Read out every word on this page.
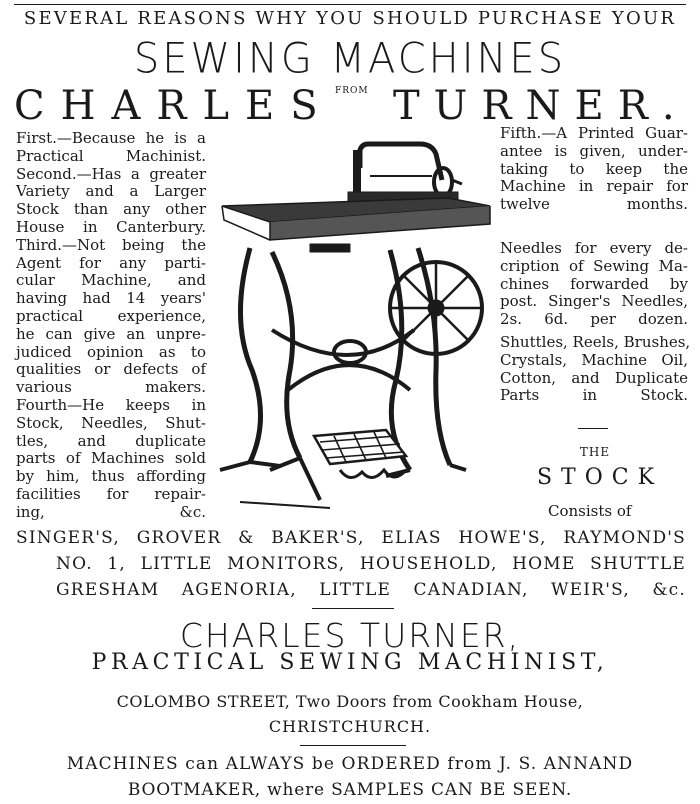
SEVERAL REASONS WHY YOU SHOULD PURCHASE YOUR
SEWING MACHINES
CHARLES FROM TURNER.
First.—Because he is a
Practical Machinist.
Second.—Has a greater
Variety and a Larger
Stock than any other
House in Canterbury.
Third.—Not being the
Agent for any parti-
cular Machine, and
having had 14 years'
practical experience,
he can give an unpre-
judiced opinion as to
qualities or defects of
various makers.
Fourth—He keeps in
Stock, Needles, Shut-
tles, and duplicate
parts of Machines sold
by him, thus affording
facilities for repair-
ing, &c.
Fifth.—A Printed Guar-
antee is given, under-
taking to keep the
Machine in repair for
twelve months.
Needles for every de-
cription of Sewing Ma-
chines forwarded by
post. Singer's Needles,
2s. 6d. per dozen.
Shuttles, Reels, Brushes,
Crystals, Machine Oil,
Cotton, and Duplicate
Parts in Stock.
THE
STOCK
Consists of
SINGER'S, GROVER & BAKER'S, ELIAS HOWE'S, RAYMOND'S
NO. 1, LITTLE MONITORS, HOUSEHOLD, HOME SHUTTLE
GRESHAM AGENORIA, LITTLE CANADIAN, WEIR'S, &c.
CHARLES TURNER,
PRACTICAL SEWING MACHINIST,
COLOMBO STREET, Two Doors from Cookham House,
CHRISTCHURCH.
MACHINES can ALWAYS be ORDERED from J. S. ANNAND
BOOTMAKER, where SAMPLES CAN BE SEEN.
